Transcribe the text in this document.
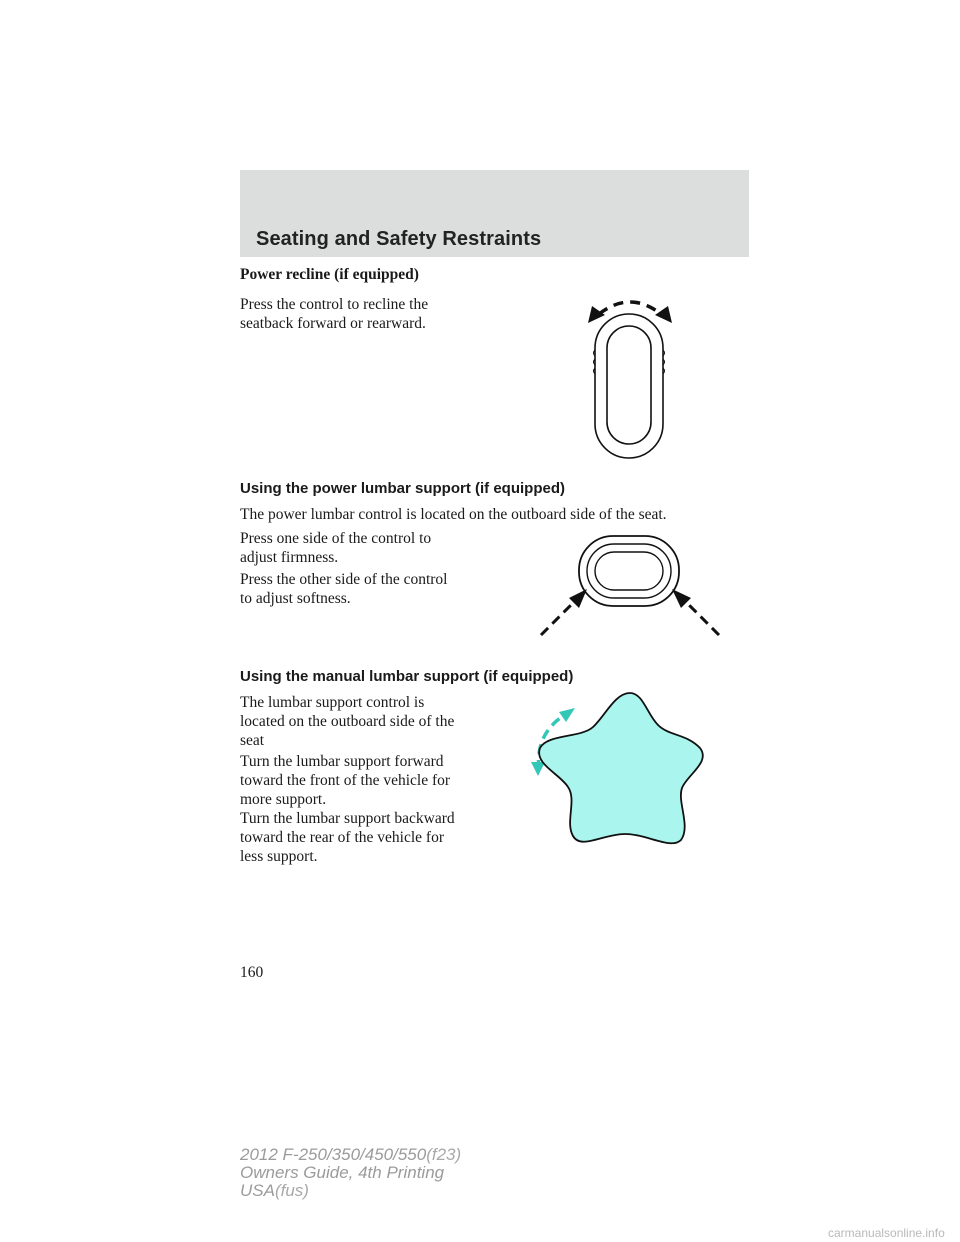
Seating and Safety Restraints
Power recline (if equipped)
Press the control to recline the
seatback forward or rearward.
Using the power lumbar support (if equipped)
The power lumbar control is located on the outboard side of the seat.
Press one side of the control to
adjust firmness.
Press the other side of the control
to adjust softness.
Using the manual lumbar support (if equipped)
The lumbar support control is
located on the outboard side of the
seat
Turn the lumbar support forward
toward the front of the vehicle for
more support.
Turn the lumbar support backward
toward the rear of the vehicle for
less support.
160
2012 F-250/350/450/550(f23)
Owners Guide, 4th Printing
USA(fus)
carmanualsonline.info
